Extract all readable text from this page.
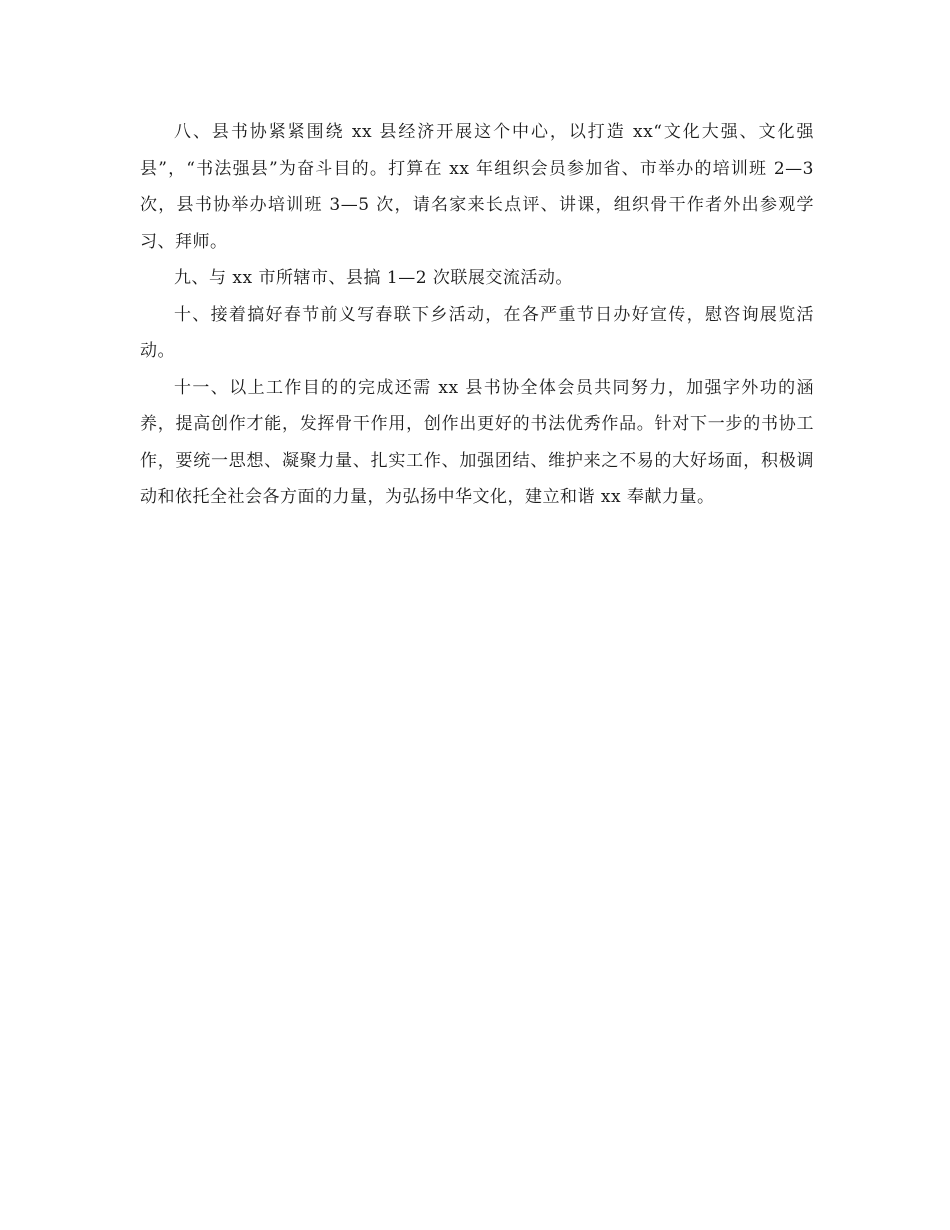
八、县书协紧紧围绕 xx 县经济开展这个中心，以打造 xx“文化大强、文化强县”，“书法强县”为奋斗目的。打算在 xx 年组织会员参加省、市举办的培训班 2—3 次，县书协举办培训班 3—5 次，请名家来长点评、讲课，组织骨干作者外出参观学习、拜师。

九、与 xx 市所辖市、县搞 1—2 次联展交流活动。

十、接着搞好春节前义写春联下乡活动，在各严重节日办好宣传，慰咨询展览活动。

十一、以上工作目的的完成还需 xx 县书协全体会员共同努力，加强字外功的涵养，提高创作才能，发挥骨干作用，创作出更好的书法优秀作品。针对下一步的书协工作，要统一思想、凝聚力量、扎实工作、加强团结、维护来之不易的大好场面，积极调动和依托全社会各方面的力量，为弘扬中华文化，建立和谐 xx 奉献力量。
